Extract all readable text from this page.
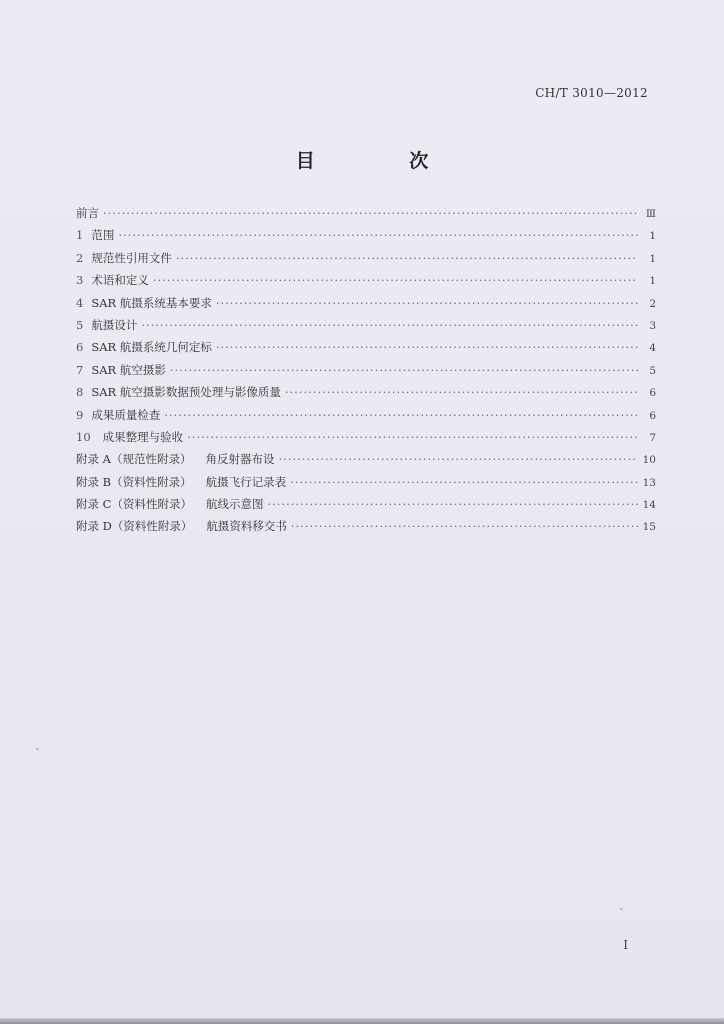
CH/T 3010—2012
目 次
前言 ·····	Ⅲ
1 范围 ·····	1
2 规范性引用文件 ·····	1
3 术语和定义 ·····	1
4 SAR 航摄系统基本要求 ·····	2
5 航摄设计 ·····	3
6 SAR 航摄系统几何定标 ·····	4
7 SAR 航空摄影 ·····	5
8 SAR 航空摄影数据预处理与影像质量 ·····	6
9 成果质量检查 ·····	6
10 成果整理与验收 ·····	7
附录 A（规范性附录） 角反射器布设 ·····	10
附录 B（资料性附录） 航摄飞行记录表 ·····	13
附录 C（资料性附录） 航线示意图 ·····	14
附录 D（资料性附录） 航摄资料移交书 ·····	15
I
